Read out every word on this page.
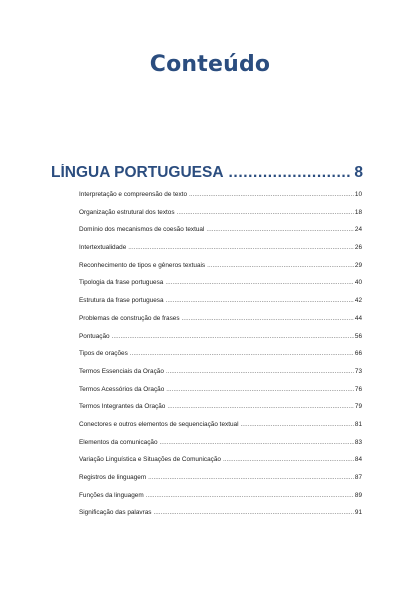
Conteúdo
LÍNGUA PORTUGUESA .....	8
Interpretação e compreensão de texto .....	10
Organização estrutural dos textos .....	18
Domínio dos mecanismos de coesão textual .....	24
Intertextualidade .....	26
Reconhecimento de tipos e gêneros textuais .....	29
Tipologia da frase portuguesa .....	40
Estrutura da frase portuguesa .....	42
Problemas de construção de frases .....	44
Pontuação .....	56
Tipos de orações .....	66
Termos Essenciais da Oração .....	73
Termos Acessórios da Oração .....	76
Termos Integrantes da Oração .....	79
Conectores e outros elementos de sequenciação textual .....	81
Elementos da comunicação .....	83
Variação Linguística e Situações de Comunicação .....	84
Registros de linguagem .....	87
Funções da linguagem .....	89
Significação das palavras .....	91
